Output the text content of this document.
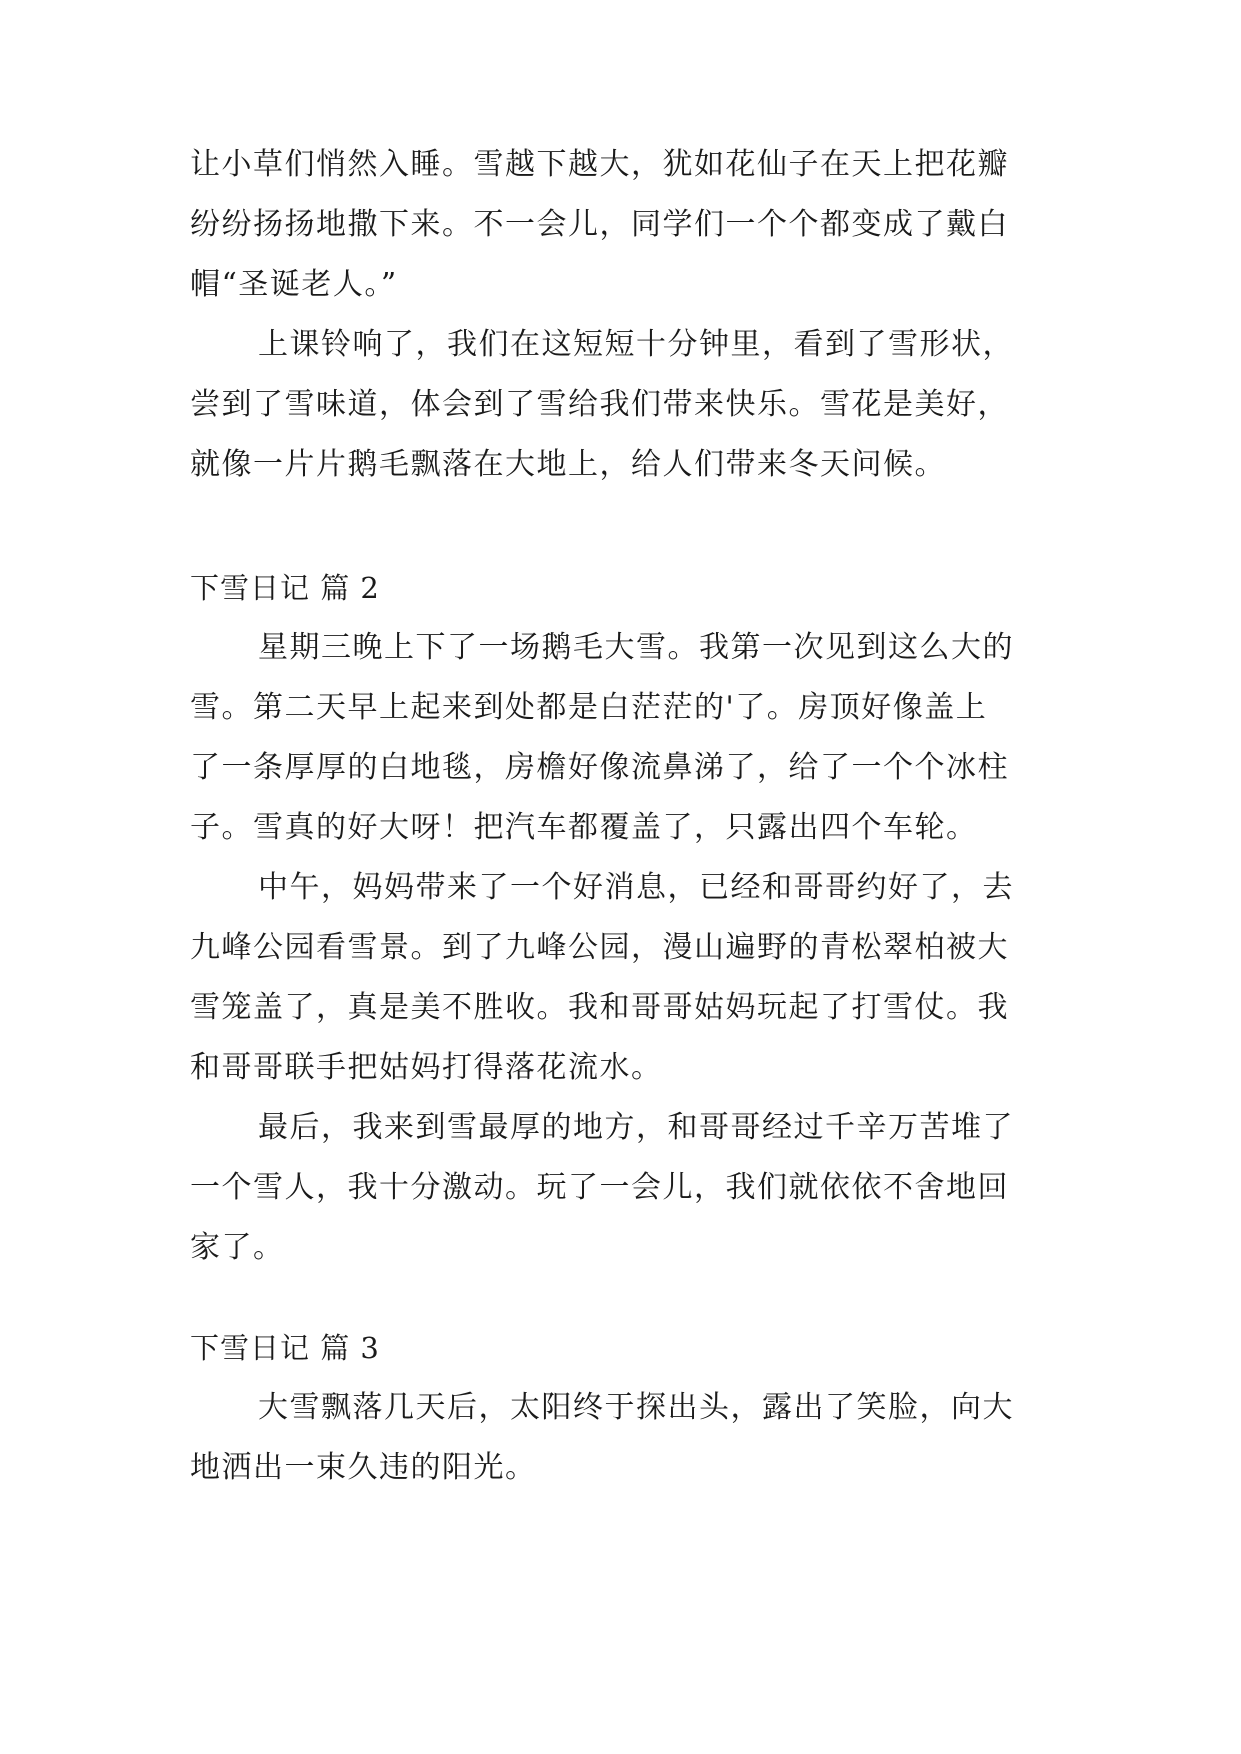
让小草们悄然入睡。雪越下越大，犹如花仙子在天上把花瓣
纷纷扬扬地撒下来。不一会儿，同学们一个个都变成了戴白
帽“圣诞老人。”
上课铃响了，我们在这短短十分钟里，看到了雪形状，
尝到了雪味道，体会到了雪给我们带来快乐。雪花是美好，
就像一片片鹅毛飘落在大地上，给人们带来冬天问候。
下雪日记 篇 2
星期三晚上下了一场鹅毛大雪。我第一次见到这么大的
雪。第二天早上起来到处都是白茫茫的'了。房顶好像盖上
了一条厚厚的白地毯，房檐好像流鼻涕了，给了一个个冰柱
子。雪真的好大呀！把汽车都覆盖了，只露出四个车轮。
中午，妈妈带来了一个好消息，已经和哥哥约好了，去
九峰公园看雪景。到了九峰公园，漫山遍野的青松翠柏被大
雪笼盖了，真是美不胜收。我和哥哥姑妈玩起了打雪仗。我
和哥哥联手把姑妈打得落花流水。
最后，我来到雪最厚的地方，和哥哥经过千辛万苦堆了
一个雪人，我十分激动。玩了一会儿，我们就依依不舍地回
家了。
下雪日记 篇 3
大雪飘落几天后，太阳终于探出头，露出了笑脸，向大
地洒出一束久违的阳光。
